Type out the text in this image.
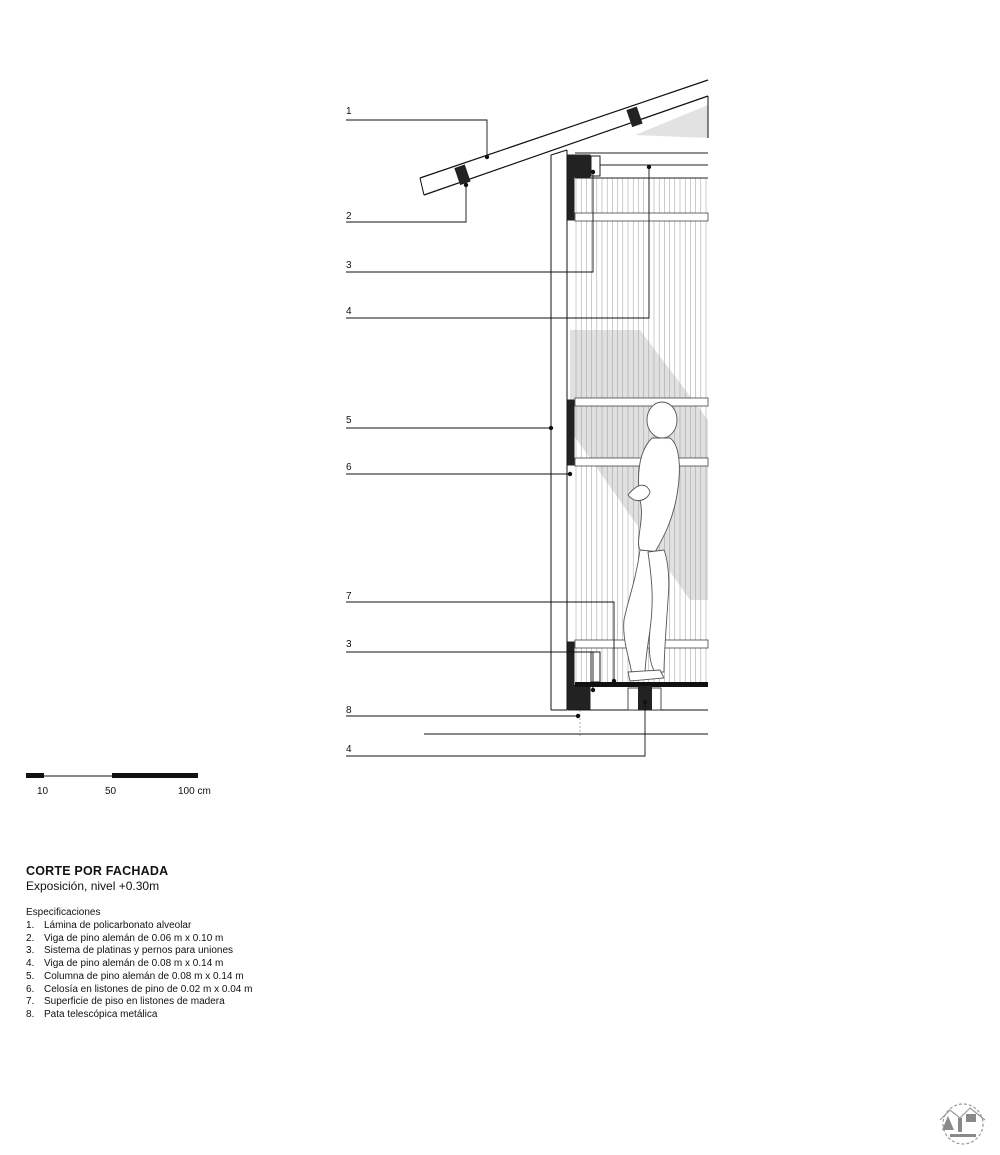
1
2
3
4
5
6
7
3
8
4
10	50	100 cm
CORTE POR FACHADA
Exposición, nivel +0.30m
Especificaciones
1. Lámina de policarbonato alveolar
2. Viga de pino alemán de 0.06 m x 0.10 m
3. Sistema de platinas y pernos para uniones
4. Viga de pino alemán de 0.08 m x 0.14 m
5. Columna de pino alemán de 0.08 m x 0.14 m
6. Celosía en listones de pino de 0.02 m x 0.04 m
7. Superficie de piso en listones de madera
8. Pata telescópica metálica
